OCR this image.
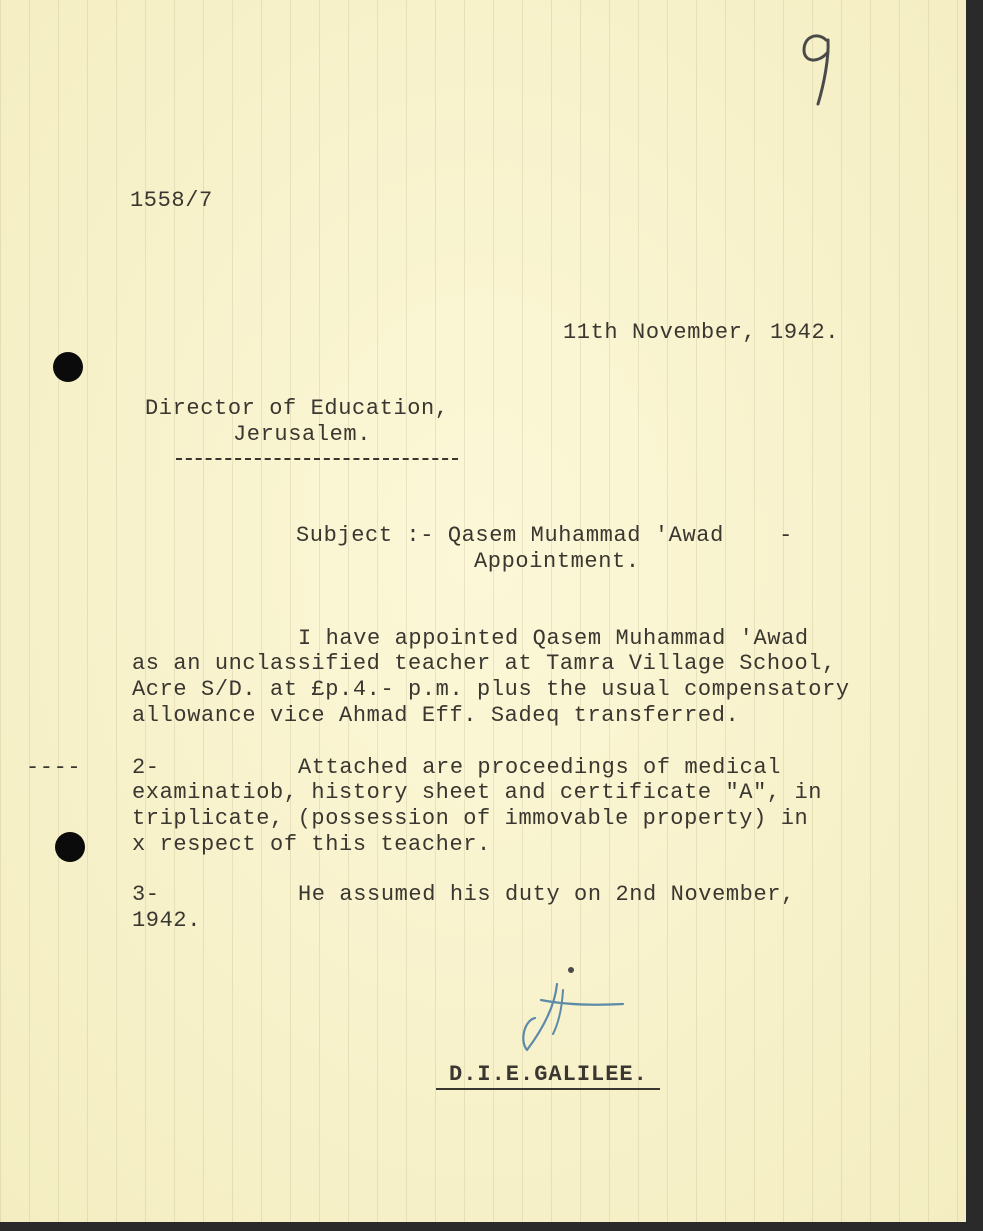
1558/7
11th November, 1942.
Director of Education,
Jerusalem.
Subject :- Qasem Muhammad 'Awad    -
Appointment.
I have appointed Qasem Muhammad 'Awad
as an unclassified teacher at Tamra Village School,
Acre S/D. at £p.4.- p.m. plus the usual compensatory
allowance vice Ahmad Eff. Sadeq transferred.
---- 2-	Attached are proceedings of medical
examinatiob, history sheet and certificate "A", in
triplicate, (possession of immovable property) in
x respect of this teacher.
3-	He assumed his duty on 2nd November,
1942.
D.I.E.GALILEE.
